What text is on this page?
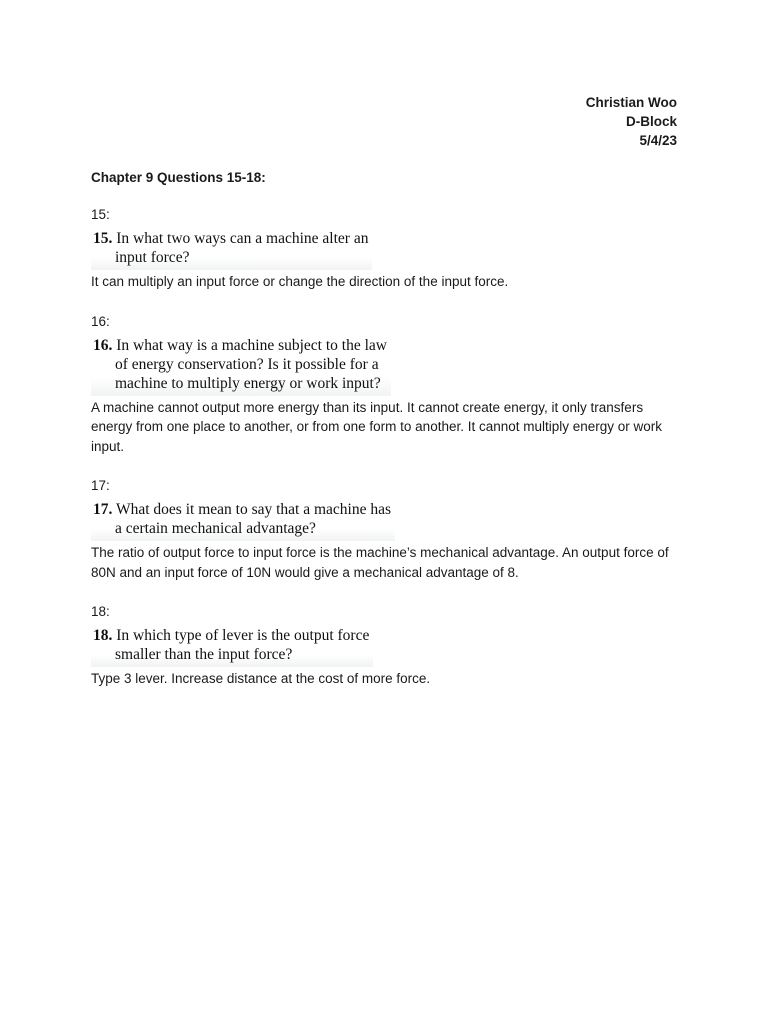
Christian Woo
D-Block
5/4/23
Chapter 9 Questions 15-18:
15:
15. In what two ways can a machine alter an
input force?
It can multiply an input force or change the direction of the input force.
16:
16. In what way is a machine subject to the law
of energy conservation? Is it possible for a
machine to multiply energy or work input?
A machine cannot output more energy than its input. It cannot create energy, it only transfers energy from one place to another, or from one form to another. It cannot multiply energy or work input.
17:
17. What does it mean to say that a machine has
a certain mechanical advantage?
The ratio of output force to input force is the machine’s mechanical advantage. An output force of 80N and an input force of 10N would give a mechanical advantage of 8.
18:
18. In which type of lever is the output force
smaller than the input force?
Type 3 lever. Increase distance at the cost of more force.
